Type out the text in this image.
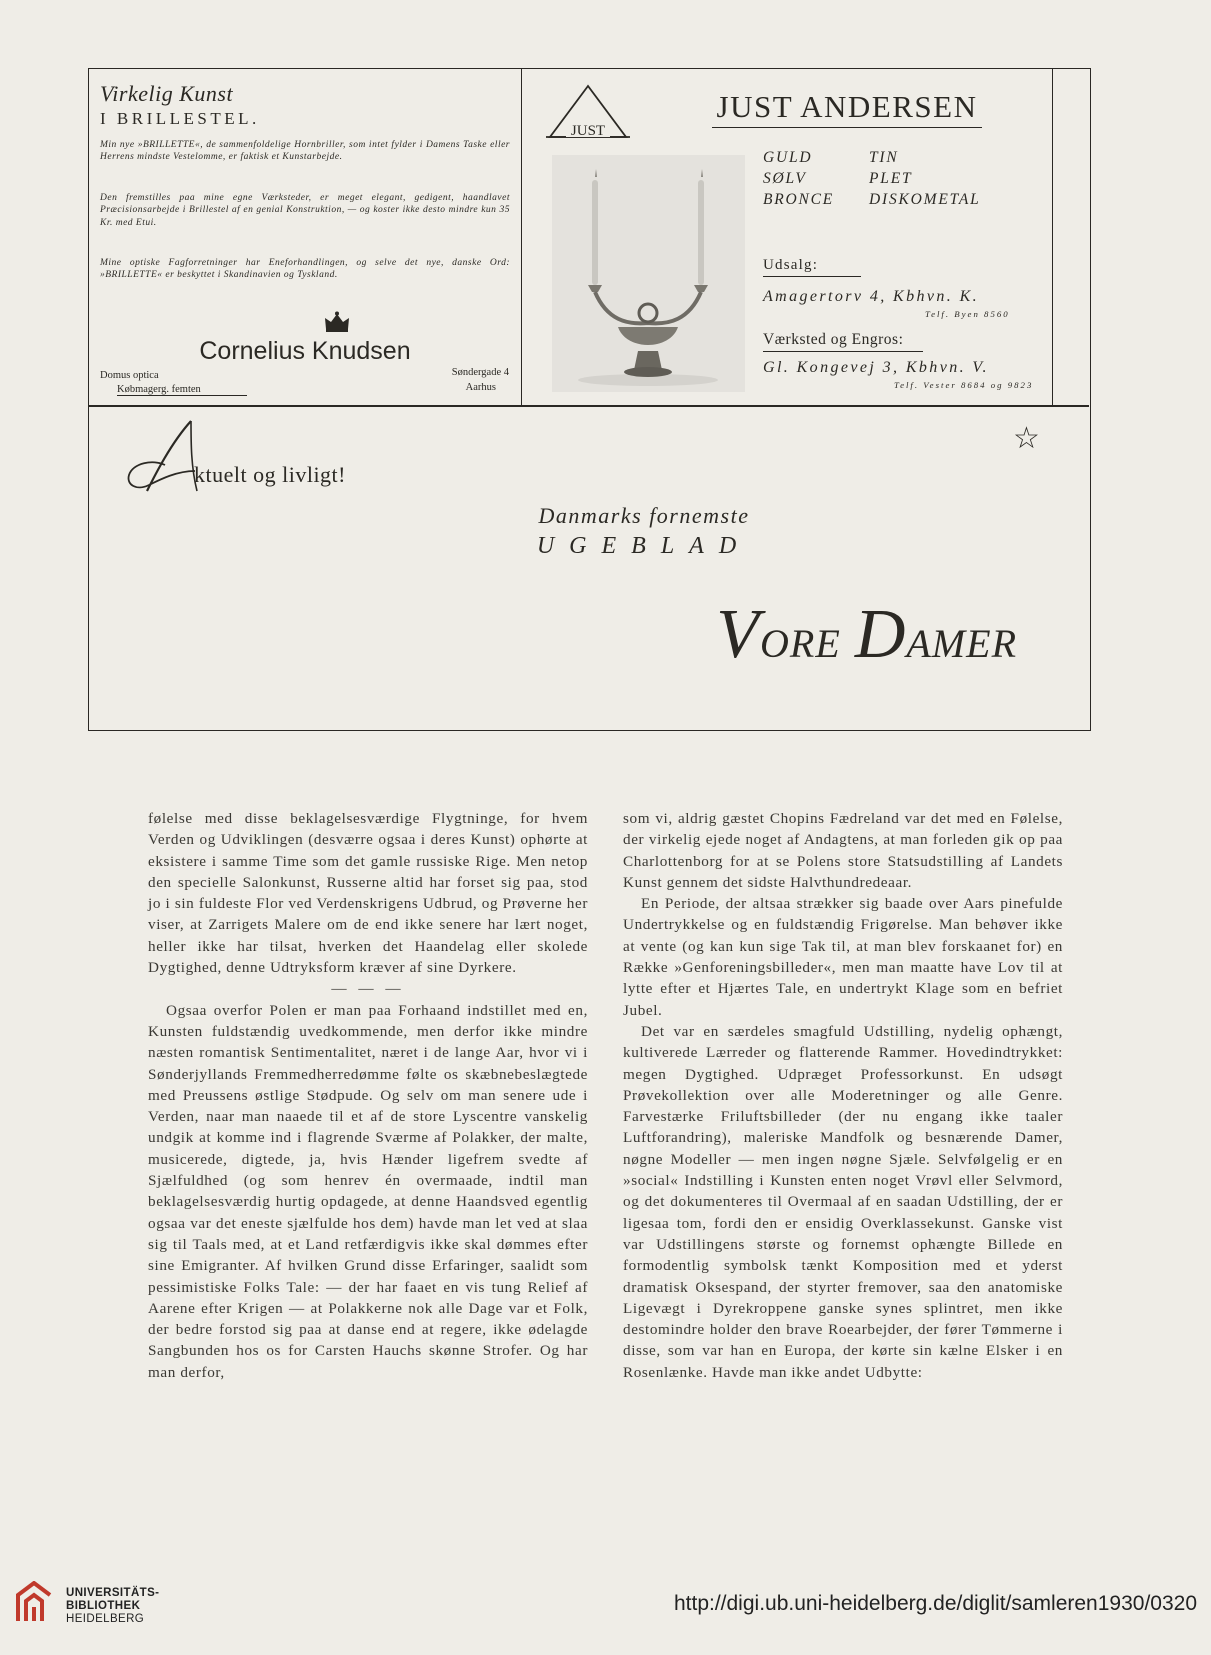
Virkelig Kunst
I BRILLESTEL.
Min nye »BRILLETTE«, de sammenfoldelige Hornbriller, som intet fylder i Damens Taske eller Herrens mindste Vestelomme, er faktisk et Kunstarbejde.
Den fremstilles paa mine egne Værksteder, er meget elegant, gedigent, haandlavet Præcisionsarbejde i Brillestel af en genial Konstruktion, — og koster ikke desto mindre kun 35 Kr. med Etui.
Mine optiske Fagforretninger har Eneforhandlingen, og selve det nye, danske Ord: »BRILLETTE« er beskyttet i Skandinavien og Tyskland.
Cornelius Knudsen
Domus optica
Købmagerg. femten
Søndergade 4
Aarhus
JUST
JUST ANDERSEN
GULD
SØLV
BRONCE
TIN
PLET
DISKOMETAL
Udsalg:
Amagertorv 4, Kbhvn. K.
Telf. Byen 8560
Værksted og Engros:
Gl. Kongevej 3, Kbhvn. V.
Telf. Vester 8684 og 9823
A
ktuelt og livligt!
☆
Danmarks fornemste
UGEBLAD
VORE DAMER

følelse med disse beklagelsesværdige Flygtninge, for hvem Verden og Udviklingen (desværre ogsaa i deres Kunst) ophørte at eksistere i samme Time som det gamle russiske Rige. Men netop den specielle Salonkunst, Russerne altid har forset sig paa, stod jo i sin fuldeste Flor ved Verdenskrigens Udbrud, og Prøverne her viser, at Zarrigets Malere om de end ikke senere har lært noget, heller ikke har tilsat, hverken det Haandelag eller skolede Dygtighed, denne Udtryksform kræver af sine Dyrkere.

— — —

Ogsaa overfor Polen er man paa Forhaand indstillet med en, Kunsten fuldstændig uvedkommende, men derfor ikke mindre næsten romantisk Sentimentalitet, næret i de lange Aar, hvor vi i Sønderjyllands Fremmedherredømme følte os skæbnebeslægtede med Preussens østlige Stødpude. Og selv om man senere ude i Verden, naar man naaede til et af de store Lyscentre vanskelig undgik at komme ind i flagrende Sværme af Polakker, der malte, musicerede, digtede, ja, hvis Hænder ligefrem svedte af Sjælfuldhed (og som henrev én overmaade, indtil man beklagelsesværdig hurtig opdagede, at denne Haandsved egentlig ogsaa var det eneste sjælfulde hos dem) havde man let ved at slaa sig til Taals med, at et Land retfærdigvis ikke skal dømmes efter sine Emigranter. Af hvilken Grund disse Erfaringer, saalidt som pessimistiske Folks Tale: — der har faaet en vis tung Relief af Aarene efter Krigen — at Polakkerne nok alle Dage var et Folk, der bedre forstod sig paa at danse end at regere, ikke ødelagde Sangbunden hos os for Carsten Hauchs skønne Strofer. Og har man derfor,

som vi, aldrig gæstet Chopins Fædreland var det med en Følelse, der virkelig ejede noget af Andagtens, at man forleden gik op paa Charlottenborg for at se Polens store Statsudstilling af Landets Kunst gennem det sidste Halvthundredeaar.

En Periode, der altsaa strækker sig baade over Aars pinefulde Undertrykkelse og en fuldstændig Frigørelse. Man behøver ikke at vente (og kan kun sige Tak til, at man blev forskaanet for) en Række »Genforeningsbilleder«, men man maatte have Lov til at lytte efter et Hjærtes Tale, en undertrykt Klage som en befriet Jubel.

Det var en særdeles smagfuld Udstilling, nydelig ophængt, kultiverede Lærreder og flatterende Rammer. Hovedindtrykket: megen Dygtighed. Udpræget Professorkunst. En udsøgt Prøvekollektion over alle Moderetninger og alle Genre. Farvestærke Friluftsbilleder (der nu engang ikke taaler Luftforandring), maleriske Mandfolk og besnærende Damer, nøgne Modeller — men ingen nøgne Sjæle. Selvfølgelig er en »social« Indstilling i Kunsten enten noget Vrøvl eller Selvmord, og det dokumenteres til Overmaal af en saadan Udstilling, der er ligesaa tom, fordi den er ensidig Overklassekunst. Ganske vist var Udstillingens største og fornemst ophængte Billede en formodentlig symbolsk tænkt Komposition med et yderst dramatisk Oksespand, der styrter fremover, saa den anatomiske Ligevægt i Dyrekroppene ganske synes splintret, men ikke destomindre holder den brave Roearbejder, der fører Tømmerne i disse, som var han en Europa, der kørte sin kælne Elsker i en Rosenlænke. Havde man ikke andet Udbytte:

UNIVERSITÄTS-
BIBLIOTHEK
HEIDELBERG
http://digi.ub.uni-heidelberg.de/diglit/samleren1930/0320
